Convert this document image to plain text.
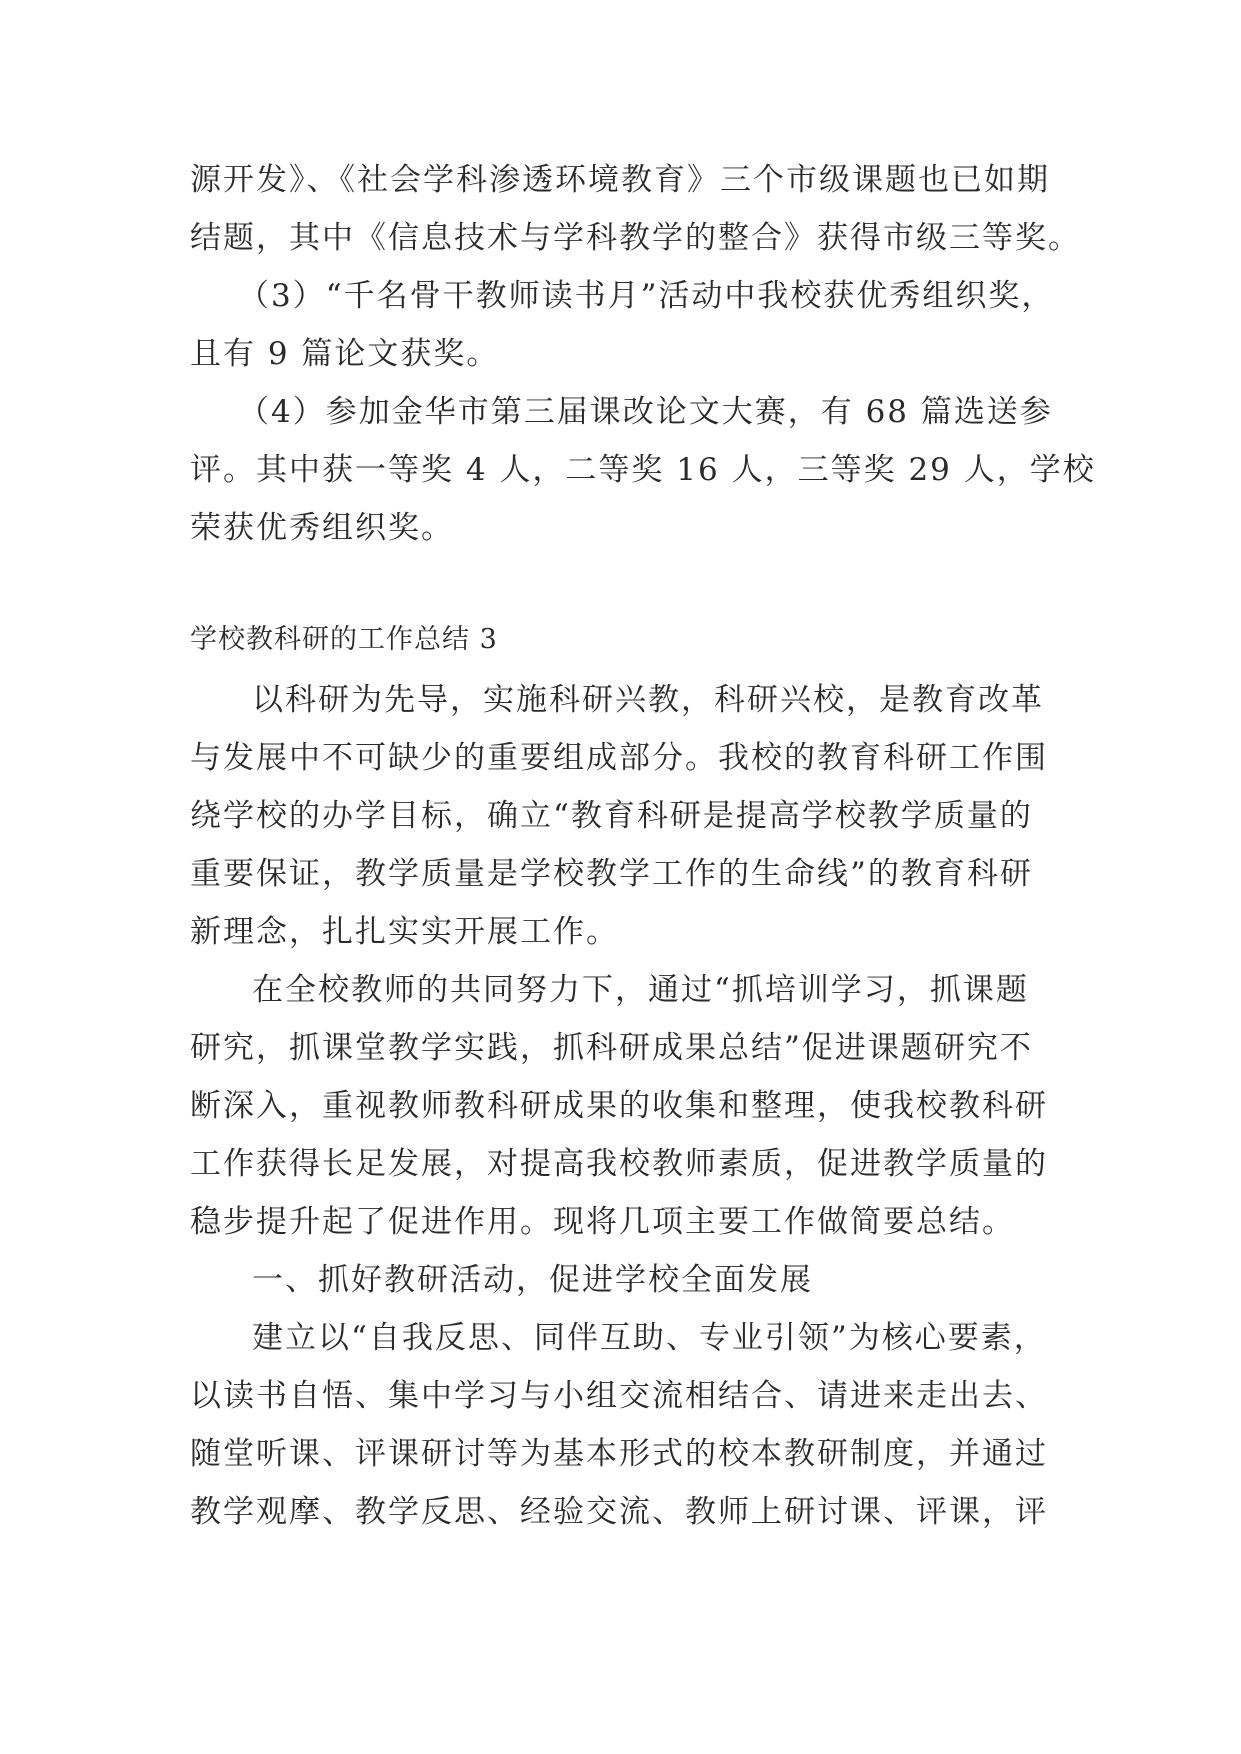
源开发》、《社会学科渗透环境教育》三个市级课题也已如期
结题，其中《信息技术与学科教学的整合》获得市级三等奖。
（3）“千名骨干教师读书月”活动中我校获优秀组织奖，
且有 9 篇论文获奖。
（4）参加金华市第三届课改论文大赛，有 68 篇选送参
评。其中获一等奖 4 人，二等奖 16 人，三等奖 29 人，学校
荣获优秀组织奖。
学校教科研的工作总结 3
以科研为先导，实施科研兴教，科研兴校，是教育改革
与发展中不可缺少的重要组成部分。我校的教育科研工作围
绕学校的办学目标，确立“教育科研是提高学校教学质量的
重要保证，教学质量是学校教学工作的生命线”的教育科研
新理念，扎扎实实开展工作。
在全校教师的共同努力下，通过“抓培训学习，抓课题
研究，抓课堂教学实践，抓科研成果总结”促进课题研究不
断深入，重视教师教科研成果的收集和整理，使我校教科研
工作获得长足发展，对提高我校教师素质，促进教学质量的
稳步提升起了促进作用。现将几项主要工作做简要总结。
一、抓好教研活动，促进学校全面发展
建立以“自我反思、同伴互助、专业引领”为核心要素，
以读书自悟、集中学习与小组交流相结合、请进来走出去、
随堂听课、评课研讨等为基本形式的校本教研制度，并通过
教学观摩、教学反思、经验交流、教师上研讨课、评课，评
